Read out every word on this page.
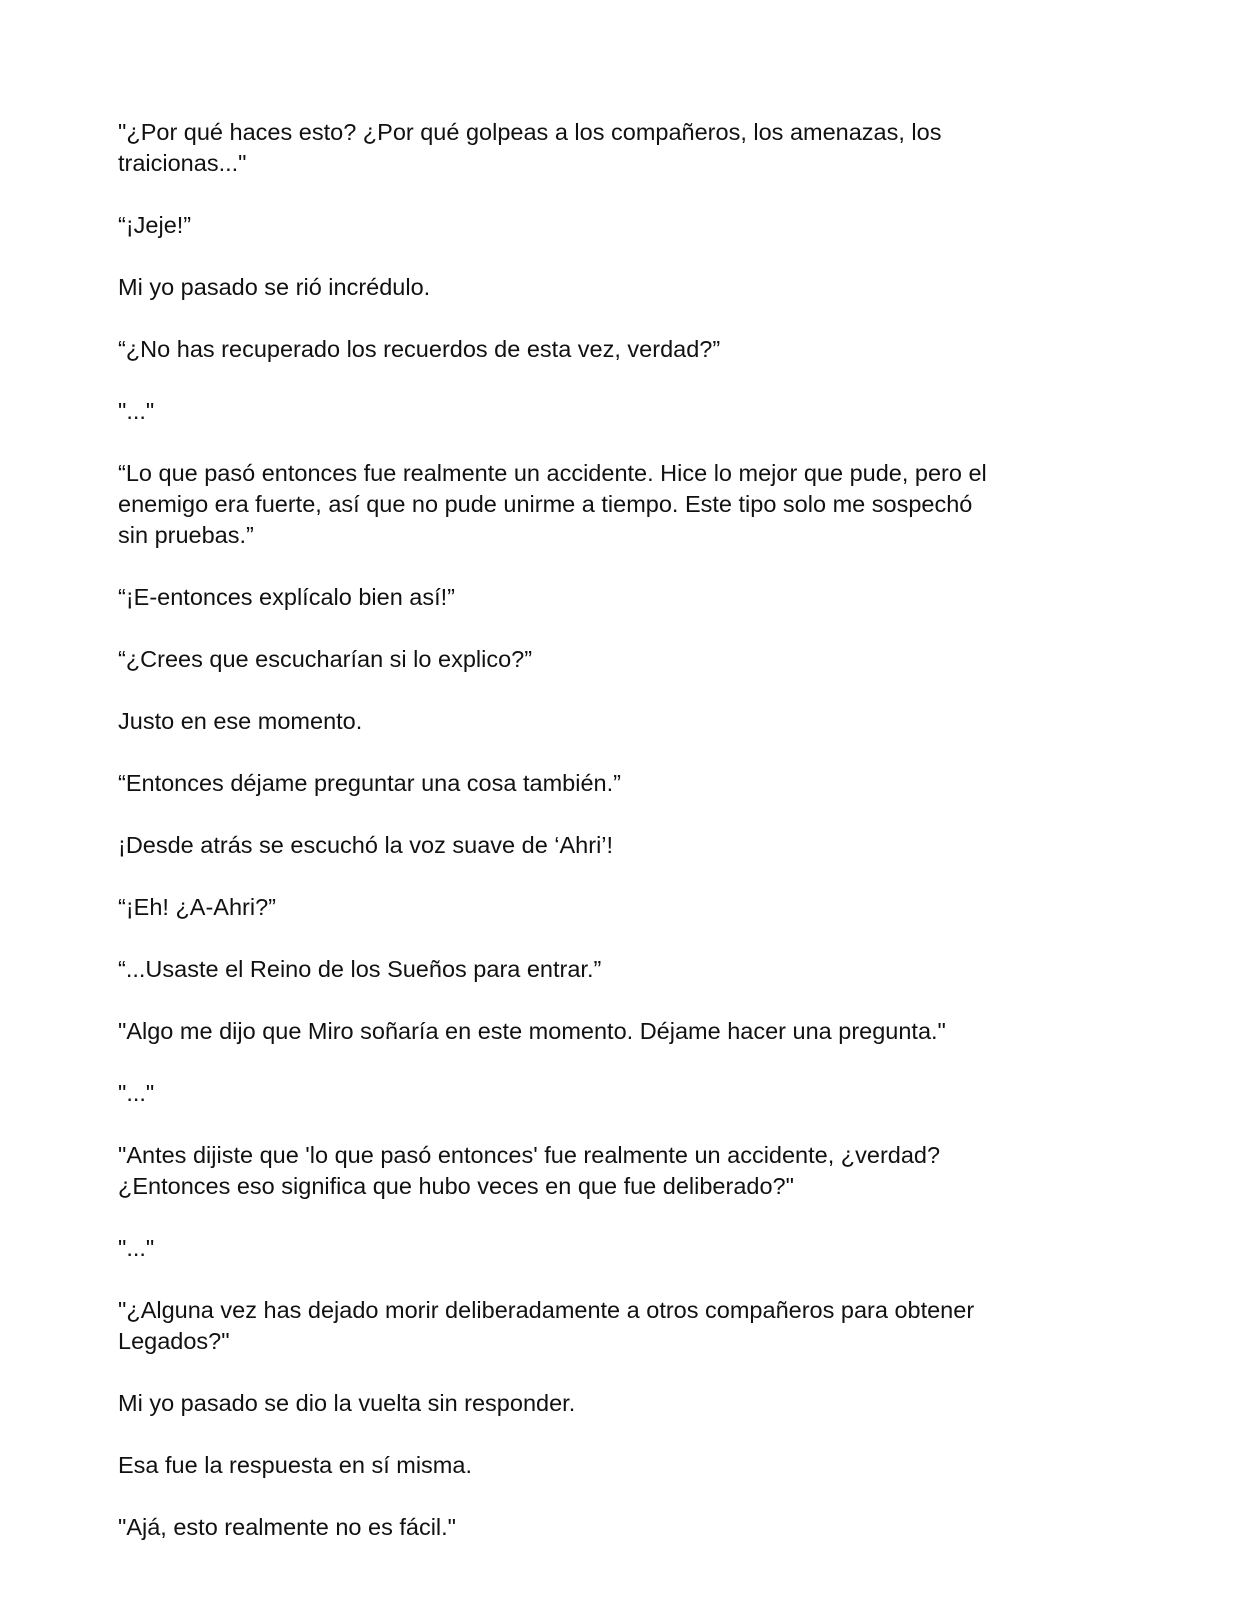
"¿Por qué haces esto? ¿Por qué golpeas a los compañeros, los amenazas, los
traicionas..."

“¡Jeje!”

Mi yo pasado se rió incrédulo.

“¿No has recuperado los recuerdos de esta vez, verdad?”

"..."

“Lo que pasó entonces fue realmente un accidente. Hice lo mejor que pude, pero el
enemigo era fuerte, así que no pude unirme a tiempo. Este tipo solo me sospechó
sin pruebas.”

“¡E-entonces explícalo bien así!”

“¿Crees que escucharían si lo explico?”

Justo en ese momento.

“Entonces déjame preguntar una cosa también.”

¡Desde atrás se escuchó la voz suave de ‘Ahri’!

“¡Eh! ¿A-Ahri?”

“...Usaste el Reino de los Sueños para entrar.”

"Algo me dijo que Miro soñaría en este momento. Déjame hacer una pregunta."

"..."

"Antes dijiste que 'lo que pasó entonces' fue realmente un accidente, ¿verdad?
¿Entonces eso significa que hubo veces en que fue deliberado?"

"..."

"¿Alguna vez has dejado morir deliberadamente a otros compañeros para obtener
Legados?"

Mi yo pasado se dio la vuelta sin responder.

Esa fue la respuesta en sí misma.

"Ajá, esto realmente no es fácil."
